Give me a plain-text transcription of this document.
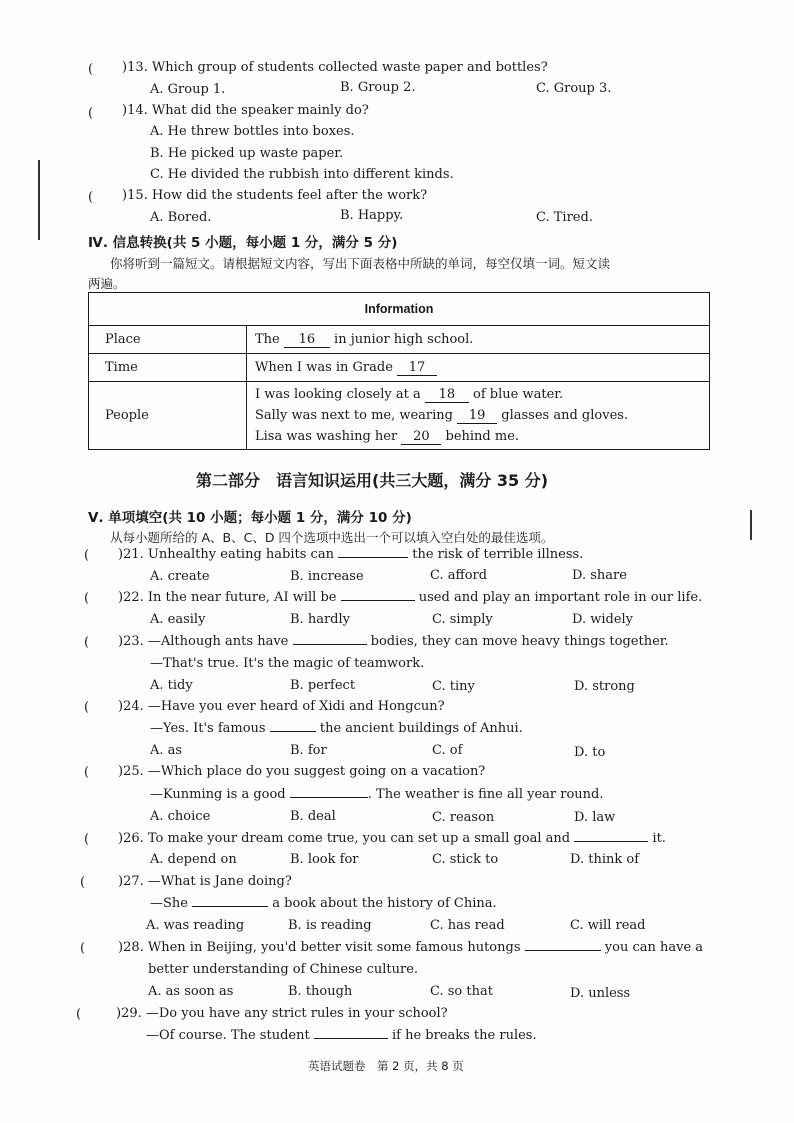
( )13. Which group of students collected waste paper and bottles?
A. Group 1.	B. Group 2.	C. Group 3.
( )14. What did the speaker mainly do?
A. He threw bottles into boxes.
B. He picked up waste paper.
C. He divided the rubbish into different kinds.
( )15. How did the students feel after the work?
A. Bored.	B. Happy.	C. Tired.
Ⅳ. 信息转换(共 5 小题，每小题 1 分，满分 5 分)
你将听到一篇短文。请根据短文内容，写出下面表格中所缺的单词，每空仅填一词。短文读
两遍。
Information	
Place	The 16 in junior high school.
Time	When I was in Grade 17
People	I was looking closely at a 18 of blue water.
Sally was next to me, wearing 19 glasses and gloves.
Lisa was washing her 20 behind me.
第二部分　语言知识运用(共三大题，满分 35 分)
Ⅴ. 单项填空(共 10 小题；每小题 1 分，满分 10 分)
从每小题所给的 A、B、C、D 四个选项中选出一个可以填入空白处的最佳选项。
( )21. Unhealthy eating habits can	the risk of terrible illness.
A. create	B. increase	C. afford	D. share
( )22. In the near future, AI will be	used and play an important role in our life.
A. easily	B. hardly	C. simply	D. widely
( )23. —Although ants have	bodies, they can move heavy things together.
—That's true. It's the magic of teamwork.
A. tidy	B. perfect	C. tiny	D. strong
( )24. —Have you ever heard of Xidi and Hongcun?
—Yes. It's famous	the ancient buildings of Anhui.
A. as	B. for	C. of	D. to
( )25. —Which place do you suggest going on a vacation?
—Kunming is a good	. The weather is fine all year round.
A. choice	B. deal	C. reason	D. law
( )26. To make your dream come true, you can set up a small goal and	it.
A. depend on	B. look for	C. stick to	D. think of
(	)27. —What is Jane doing?
—She	a book about the history of China.
A. was reading	B. is reading	C. has read	C. will read
(	)28. When in Beijing, you'd better visit some famous hutongs	you can have a
better understanding of Chinese culture.
A. as soon as	B. though	C. so that	D. unless
(	)29. —Do you have any strict rules in your school?
—Of course. The student	if he breaks the rules.
英语试题卷　第 2 页，共 8 页
